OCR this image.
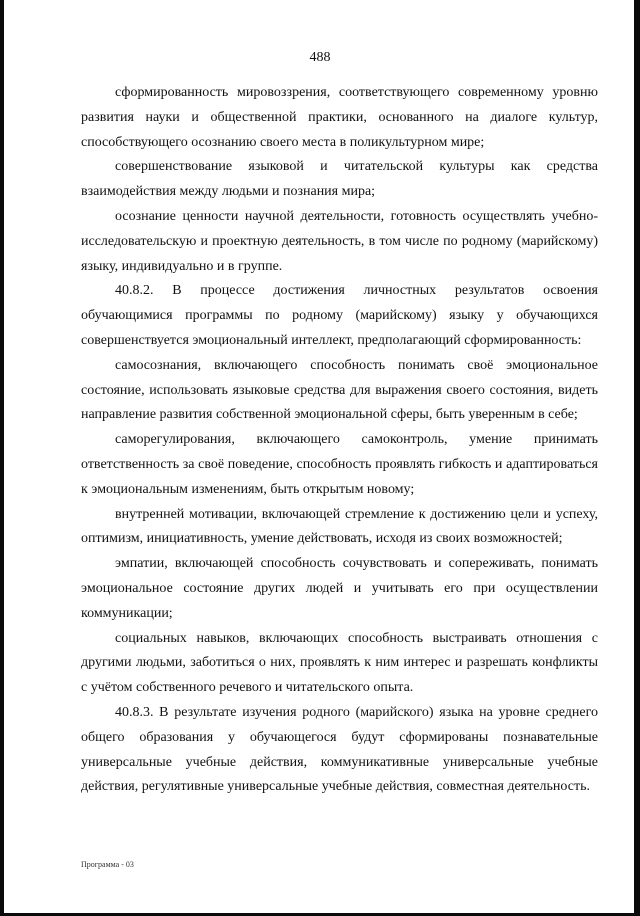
488

сформированность мировоззрения, соответствующего современному уровню развития науки и общественной практики, основанного на диалоге культур, способствующего осознанию своего места в поликультурном мире;

совершенствование языковой и читательской культуры как средства взаимодействия между людьми и познания мира;

осознание ценности научной деятельности, готовность осуществлять учебно-исследовательскую и проектную деятельность, в том числе по родному (марийскому) языку, индивидуально и в группе.

40.8.2. В процессе достижения личностных результатов освоения обучающимися программы по родному (марийскому) языку у обучающихся совершенствуется эмоциональный интеллект, предполагающий сформированность:

самосознания, включающего способность понимать своё эмоциональное состояние, использовать языковые средства для выражения своего состояния, видеть направление развития собственной эмоциональной сферы, быть уверенным в себе;

саморегулирования, включающего самоконтроль, умение принимать ответственность за своё поведение, способность проявлять гибкость и адаптироваться к эмоциональным изменениям, быть открытым новому;

внутренней мотивации, включающей стремление к достижению цели и успеху, оптимизм, инициативность, умение действовать, исходя из своих возможностей;

эмпатии, включающей способность сочувствовать и сопереживать, понимать эмоциональное состояние других людей и учитывать его при осуществлении коммуникации;

социальных навыков, включающих способность выстраивать отношения с другими людьми, заботиться о них, проявлять к ним интерес и разрешать конфликты с учётом собственного речевого и читательского опыта.

40.8.3. В результате изучения родного (марийского) языка на уровне среднего общего образования у обучающегося будут сформированы познавательные универсальные учебные действия, коммуникативные универсальные учебные действия, регулятивные универсальные учебные действия, совместная деятельность.

Программа - 03
